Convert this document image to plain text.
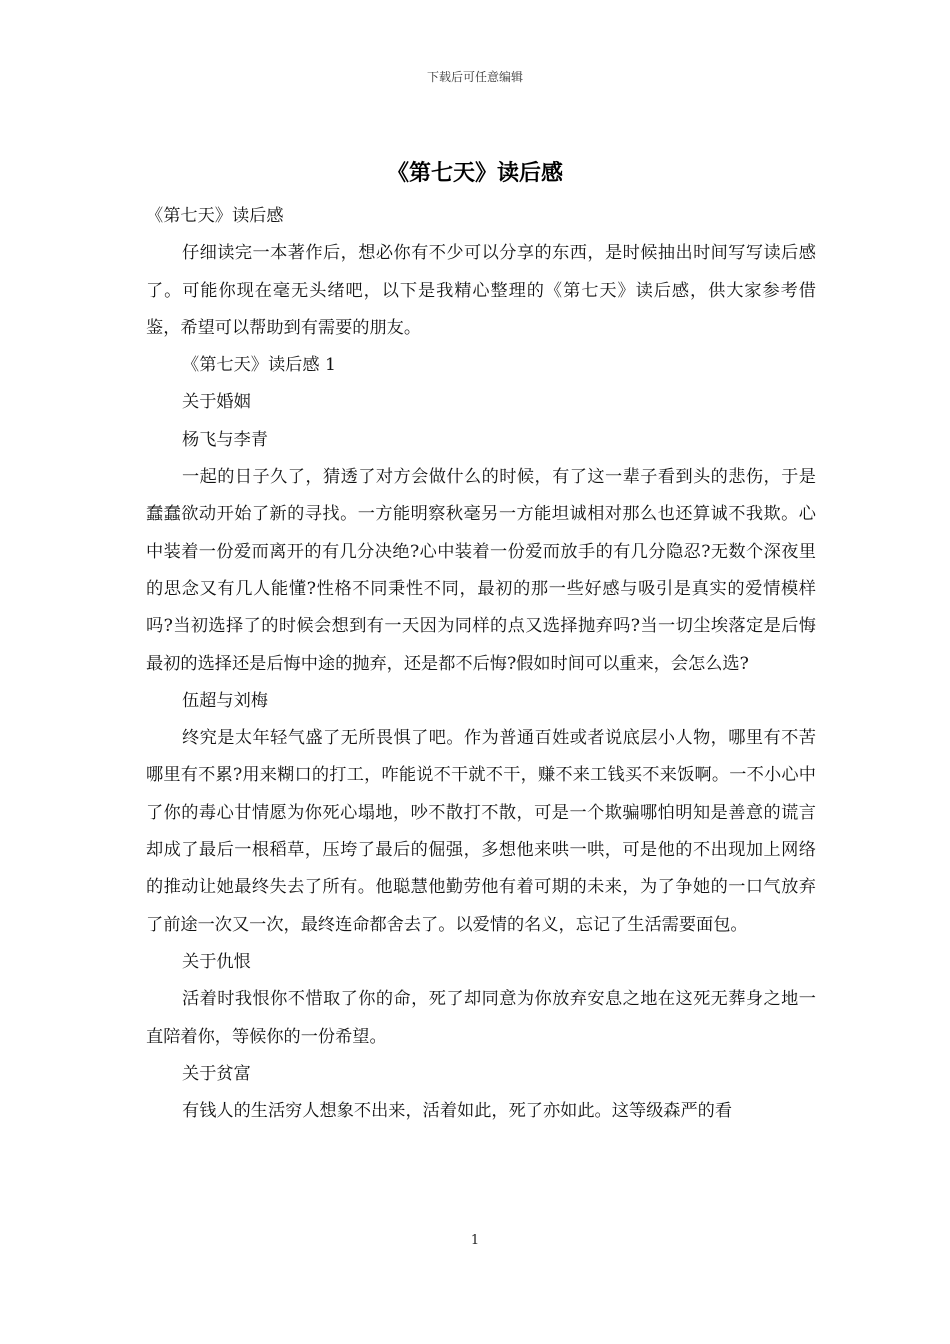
下载后可任意编辑
《第七天》读后感

《第七天》读后感

仔细读完一本著作后，想必你有不少可以分享的东西，是时候抽出时间写写读后感了。可能你现在毫无头绪吧，以下是我精心整理的《第七天》读后感，供大家参考借鉴，希望可以帮助到有需要的朋友。

《第七天》读后感 1

关于婚姻

杨飞与李青

一起的日子久了，猜透了对方会做什么的时候，有了这一辈子看到头的悲伤，于是蠢蠢欲动开始了新的寻找。一方能明察秋毫另一方能坦诚相对那么也还算诚不我欺。心中装着一份爱而离开的有几分决绝?心中装着一份爱而放手的有几分隐忍?无数个深夜里的思念又有几人能懂?性格不同秉性不同，最初的那一些好感与吸引是真实的爱情模样吗?当初选择了的时候会想到有一天因为同样的点又选择抛弃吗?当一切尘埃落定是后悔最初的选择还是后悔中途的抛弃，还是都不后悔?假如时间可以重来，会怎么选?

伍超与刘梅

终究是太年轻气盛了无所畏惧了吧。作为普通百姓或者说底层小人物，哪里有不苦哪里有不累?用来糊口的打工，咋能说不干就不干，赚不来工钱买不来饭啊。一不小心中了你的毒心甘情愿为你死心塌地，吵不散打不散，可是一个欺骗哪怕明知是善意的谎言却成了最后一根稻草，压垮了最后的倔强，多想他来哄一哄，可是他的不出现加上网络的推动让她最终失去了所有。他聪慧他勤劳他有着可期的未来，为了争她的一口气放弃了前途一次又一次，最终连命都舍去了。以爱情的名义，忘记了生活需要面包。

关于仇恨

活着时我恨你不惜取了你的命，死了却同意为你放弃安息之地在这死无葬身之地一直陪着你，等候你的一份希望。

关于贫富

有钱人的生活穷人想象不出来，活着如此，死了亦如此。这等级森严的看

1
